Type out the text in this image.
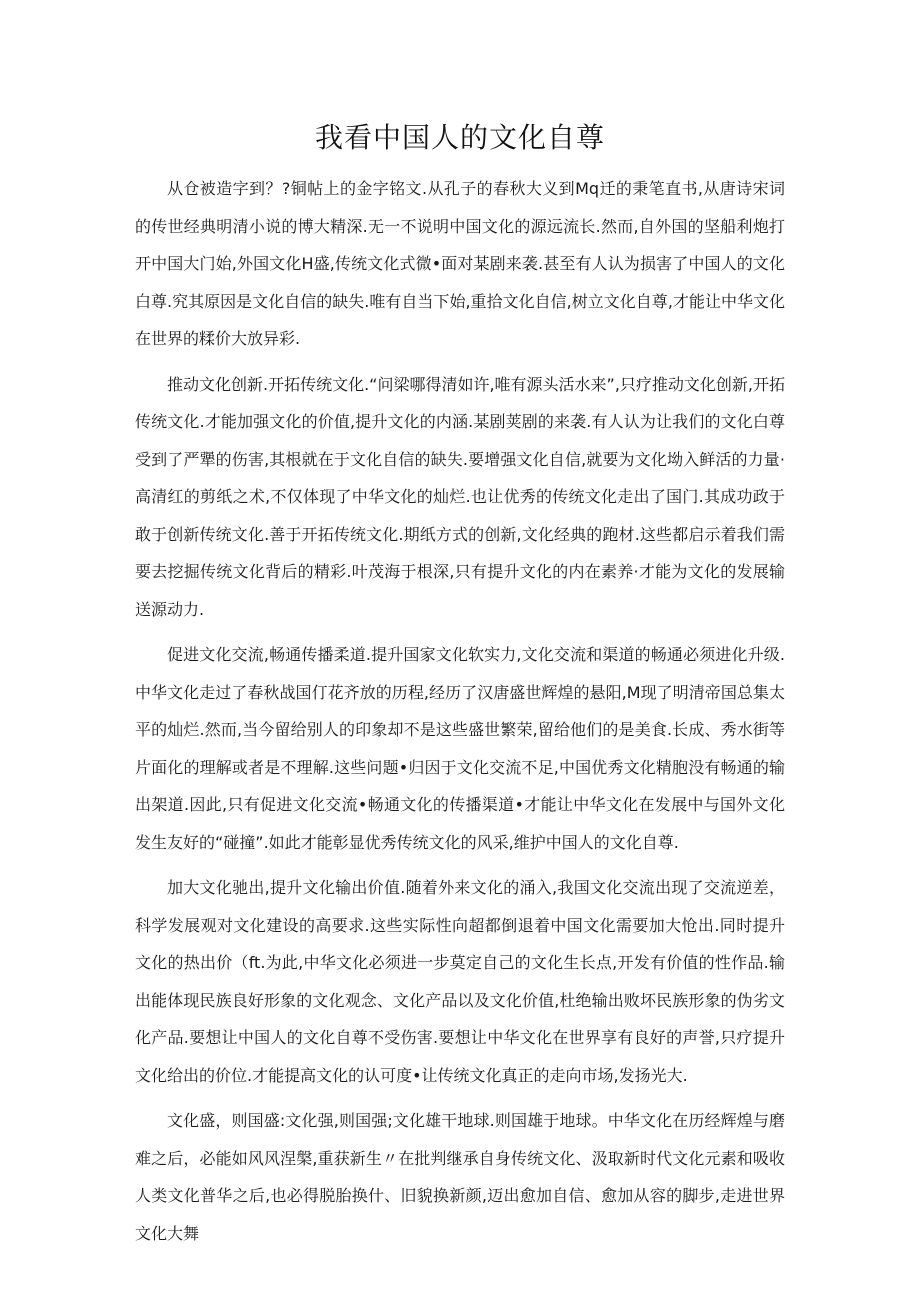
我看中国人的文化自尊

从仓被造字到？?铜帖上的金字铭文.从孔子的春秋大义到Mq迁的秉笔直书,从唐诗宋词的传世经典明清小说的博大精深.无一不说明中国文化的源远流长.然而,自外国的坚船利炮打开中国大门始,外国文化H盛,传统文化式微•面对某剧来袭.甚至有人认为损害了中国人的文化白尊.究其原因是文化自信的缺失.唯有自当下始,重拾文化自信,树立文化自尊,才能让中华文化在世界的糅价大放异彩.

推动文化创新.开拓传统文化.“问梁哪得清如许,唯有源头活水来”,只疗推动文化创新,开拓传统文化.才能加强文化的价值,提升文化的内涵.某剧荚剧的来袭.有人认为让我们的文化白尊受到了严犟的伤害,其根就在于文化自信的缺失.要增强文化自信,就要为文化坳入鲜活的力量·高清红的剪纸之术,不仅体现了中华文化的灿烂.也让优秀的传统文化走出了国门.其成功政于敢于创新传统文化.善于开拓传统文化.期纸方式的创新,文化经典的跑材.这些都启示着我们需要去挖掘传统文化背后的精彩.叶茂海于根深,只有提升文化的内在素养·才能为文化的发展输送源动力.

促进文化交流,畅通传播柔道.提升国家文化软实力,文化交流和渠道的畅通必须进化升级.中华文化走过了春秋战国仃花齐放的历程,经历了汉唐盛世辉煌的悬阳,M现了明清帝国总集太平的灿烂.然而,当今留给别人的印象却不是这些盛世繁荣,留给他们的是美食.长成、秀水街等片面化的理解或者是不理解.这些问题•归因于文化交流不足,中国优秀文化精胞没有畅通的输出架道.因此,只有促进文化交流•畅通文化的传播渠道•才能让中华文化在发展中与国外文化发生友好的“碰撞”.如此才能彰显优秀传统文化的风采,维护中国人的文化自尊.

加大文化驰出,提升文化输出价值.随着外来文化的涌入,我国文化交流出现了交流逆差，科学发展观对文化建设的高要求.这些实际性向超都倒退着中国文化需要加大怆出.同时提升文化的热出价（ft.为此,中华文化必须进一步莫定自己的文化生长点,开发有价值的性作品.输出能体现民族良好形象的文化观念、文化产品以及文化价值,杜绝输出败坏民族形象的伪劣文化产品.要想让中国人的文化自尊不受伤害.要想让中华文化在世界享有良好的声誉,只疗提升文化给出的价位.才能提高文化的认可度•让传统文化真正的走向市场,发扬光大.

文化盛，则国盛:文化强,则国强;文化雄干地球.则国雄于地球。中华文化在历经辉煌与磨难之后，必能如风风涅槃,重获新生〃在批判继承自身传统文化、汲取新时代文化元素和吸收人类文化普华之后,也必得脱胎换什、旧貌换新颜,迈出愈加自信、愈加从容的脚步,走进世界文化大舞
